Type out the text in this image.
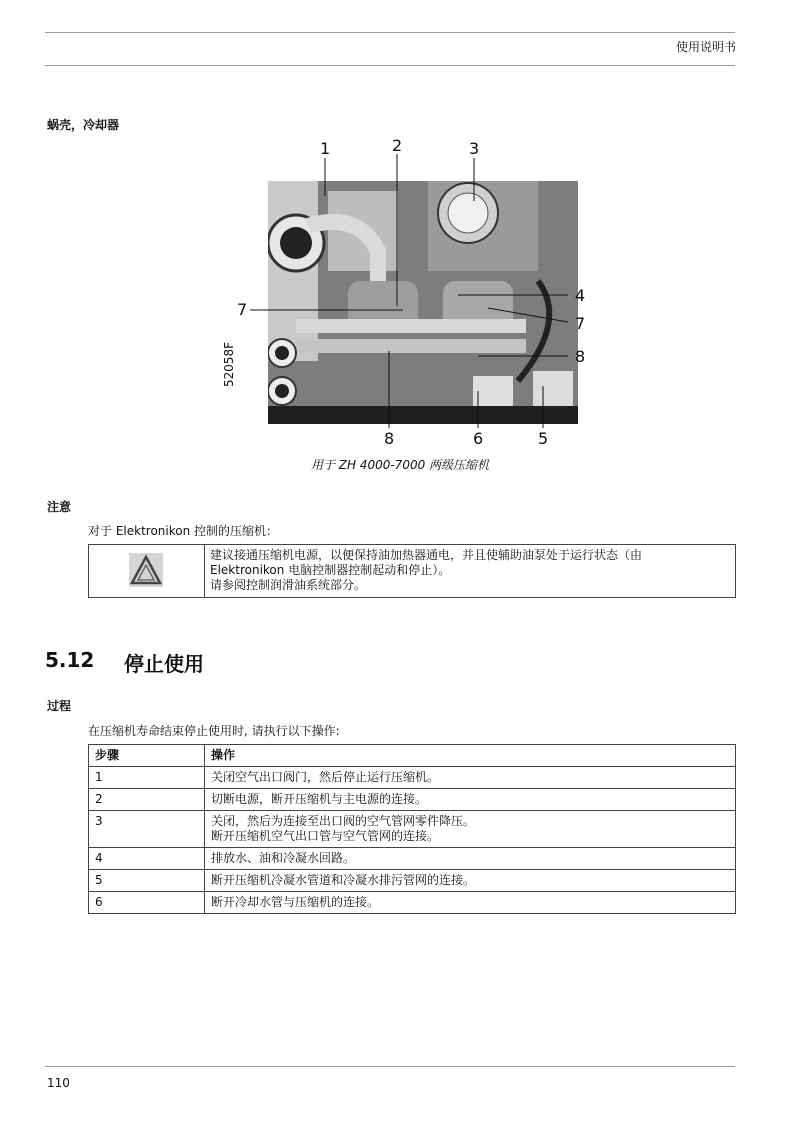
使用说明书
蜗壳，冷却器
1	2	3
7
4
7
8
8	6	5
52058F
用于 ZH 4000-7000 两级压缩机
注意
对于 Elektronikon 控制的压缩机：
建议接通压缩机电源，以便保持油加热器通电，并且使辅助油泵处于运行状态（由
Elektronikon 电脑控制器控制起动和停止）。
请参阅控制润滑油系统部分。
5.12 停止使用
过程
在压缩机寿命结束停止使用时, 请执行以下操作:
步骤	操作
1	关闭空气出口阀门，然后停止运行压缩机。

2	切断电源，断开压缩机与主电源的连接。

3	关闭，然后为连接至出口阀的空气管网零件降压。
断开压缩机空气出口管与空气管网的连接。

4	排放水、油和冷凝水回路。

5	断开压缩机冷凝水管道和冷凝水排污管网的连接。

6	断开冷却水管与压缩机的连接。
110
